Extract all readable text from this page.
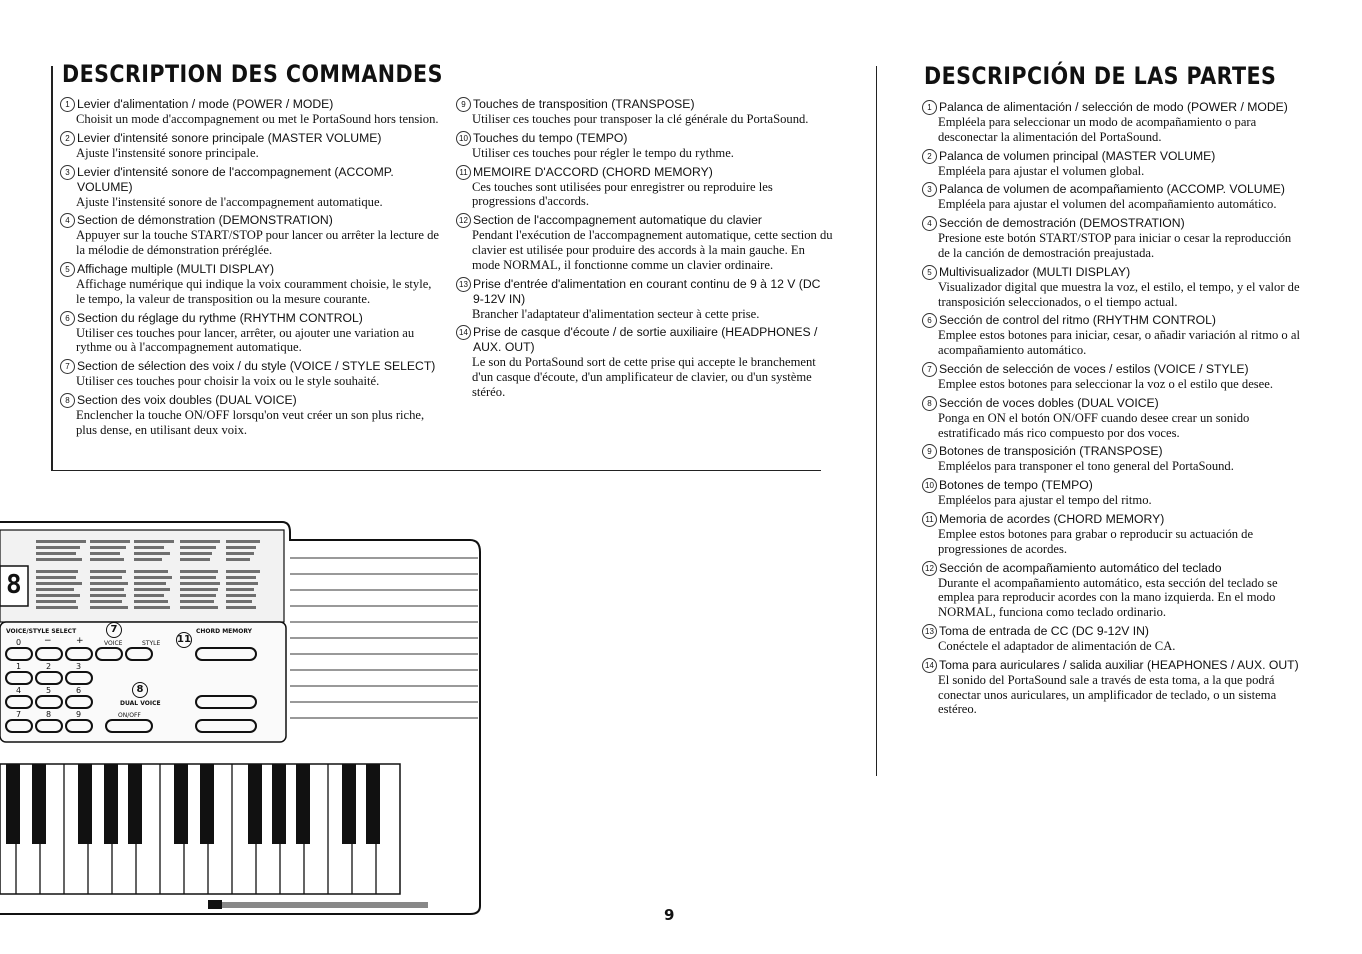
DESCRIPTION DES COMMANDES	DESCRIPCIÓN DE LAS PARTES
1 Levier d'alimentation / mode (POWER / MODE)
Choisit un mode d'accompagnement ou met le PortaSound hors tension.
2 Levier d'intensité sonore principale (MASTER VOLUME)
Ajuste l'instensité sonore principale.
3 Levier d'intensité sonore de l'accompagnement (ACCOMP. VOLUME)
Ajuste l'instensité sonore de l'accompagnement automatique.
4 Section de démonstration (DEMONSTRATION)
Appuyer sur la touche START/STOP pour lancer ou arrêter la lecture de la mélodie de démonstration préréglée.
5 Affichage multiple (MULTI DISPLAY)
Affichage numérique qui indique la voix couramment choisie, le style, le tempo, la valeur de transposition ou la mesure courante.
6 Section du réglage du rythme (RHYTHM CONTROL)
Utiliser ces touches pour lancer, arrêter, ou ajouter une variation au rythme ou à l'accompagnement automatique.
7 Section de sélection des voix / du style (VOICE / STYLE SELECT)
Utiliser ces touches pour choisir la voix ou le style souhaité.
8 Section des voix doubles (DUAL VOICE)
Enclencher la touche ON/OFF lorsqu'on veut créer un son plus riche, plus dense, en utilisant deux voix.
9 Touches de transposition (TRANSPOSE)
Utiliser ces touches pour transposer la clé générale du PortaSound.
10 Touches du tempo (TEMPO)
Utiliser ces touches pour régler le tempo du rythme.
11 MEMOIRE D'ACCORD (CHORD MEMORY)
Ces touches sont utilisées pour enregistrer ou reproduire les progressions d'accords.
12 Section de l'accompagnement automatique du clavier
Pendant l'exécution de l'accompagnement automatique, cette section du clavier est utilisée pour produire des accords à la main gauche. En mode NORMAL, il fonctionne comme un clavier ordinaire.
13 Prise d'entrée d'alimentation en courant continu de 9 à 12 V (DC 9-12V IN)
Brancher l'adaptateur d'alimentation secteur à cette prise.
14 Prise de casque d'écoute / de sortie auxiliaire (HEADPHONES / AUX. OUT)
Le son du PortaSound sort de cette prise qui accepte le branchement d'un casque d'écoute, d'un amplificateur de clavier, ou d'un système stéréo.
1 Palanca de alimentación / selección de modo (POWER / MODE)
Empléela para seleccionar un modo de acompañamiento o para desconectar la alimentación del PortaSound.
2 Palanca de volumen principal (MASTER VOLUME)
Empléela para ajustar el volumen global.
3 Palanca de volumen de acompañamiento (ACCOMP. VOLUME)
Empléela para ajustar el volumen del acompañamiento automático.
4 Sección de demostración (DEMOSTRATION)
Presione este botón START/STOP para iniciar o cesar la reproducción de la canción de demostración preajustada.
5 Multivisualizador (MULTI DISPLAY)
Visualizador digital que muestra la voz, el estilo, el tempo, y el valor de transposición seleccionados, o el tiempo actual.
6 Sección de control del ritmo (RHYTHM CONTROL)
Emplee estos botones para iniciar, cesar, o añadir variación al ritmo o al acompañamiento automático.
7 Sección de selección de voces / estilos (VOICE / STYLE)
Emplee estos botones para seleccionar la voz o el estilo que desee.
8 Sección de voces dobles (DUAL VOICE)
Ponga en ON el botón ON/OFF cuando desee crear un sonido estratificado más rico compuesto por dos voces.
9 Botones de transposición (TRANSPOSE)
Empléelos para transponer el tono general del PortaSound.
10 Botones de tempo (TEMPO)
Empléelos para ajustar el tempo del ritmo.
11 Memoria de acordes (CHORD MEMORY)
Emplee estos botones para grabar o reproducir su actuación de progressiones de acordes.
12 Sección de acompañamiento automático del teclado
Durante el acompañamiento automático, esta sección del teclado se emplea para reproducir acordes con la mano izquierda. En el modo NORMAL, funciona como teclado ordinario.
13 Toma de entrada de CC (DC 9-12V IN)
Conéctele el adaptador de alimentación de CA.
14 Toma para auriculares / salida auxiliar (HEAPHONES / AUX. OUT)
El sonido del PortaSound sale a través de esta toma, a la que podrá conectar unos auriculares, un amplificador de teclado, o un sistema estéreo.
8
VOICE/STYLE SELECT	7
11
8
CHORD MEMORY
DUAL VOICE
ON/OFF
VOICE	STYLE
0	−	+
1	2	3
4	5	6
7	8	9
9
